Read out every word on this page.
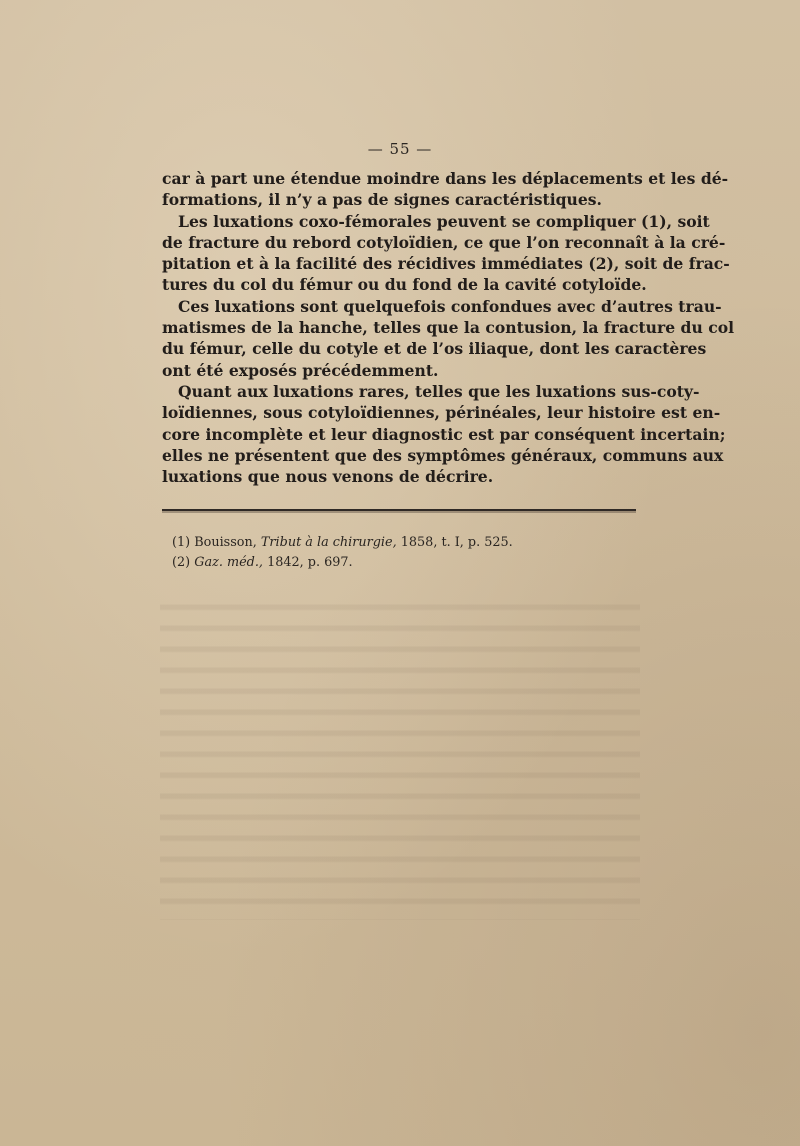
— 55 —
car à part une étendue moindre dans les déplacements et les dé-
formations, il n’y a pas de signes caractéristiques.
Les luxations coxo-fémorales peuvent se compliquer (1), soit
de fracture du rebord cotyloïdien, ce que l’on reconnaît à la cré-
pitation et à la facilité des récidives immédiates (2), soit de frac-
tures du col du fémur ou du fond de la cavité cotyloïde.
Ces luxations sont quelquefois confondues avec d’autres trau-
matismes de la hanche, telles que la contusion, la fracture du col
du fémur, celle du cotyle et de l’os iliaque, dont les caractères
ont été exposés précédemment.
Quant aux luxations rares, telles que les luxations sus-coty-
loïdiennes, sous cotyloïdiennes, périnéales, leur histoire est en-
core incomplète et leur diagnostic est par conséquent incertain;
elles ne présentent que des symptômes généraux, communs aux
luxations que nous venons de décrire.
(1) Bouisson, Tribut à la chirurgie, 1858, t. I, p. 525.
(2) Gaz. méd., 1842, p. 697.
